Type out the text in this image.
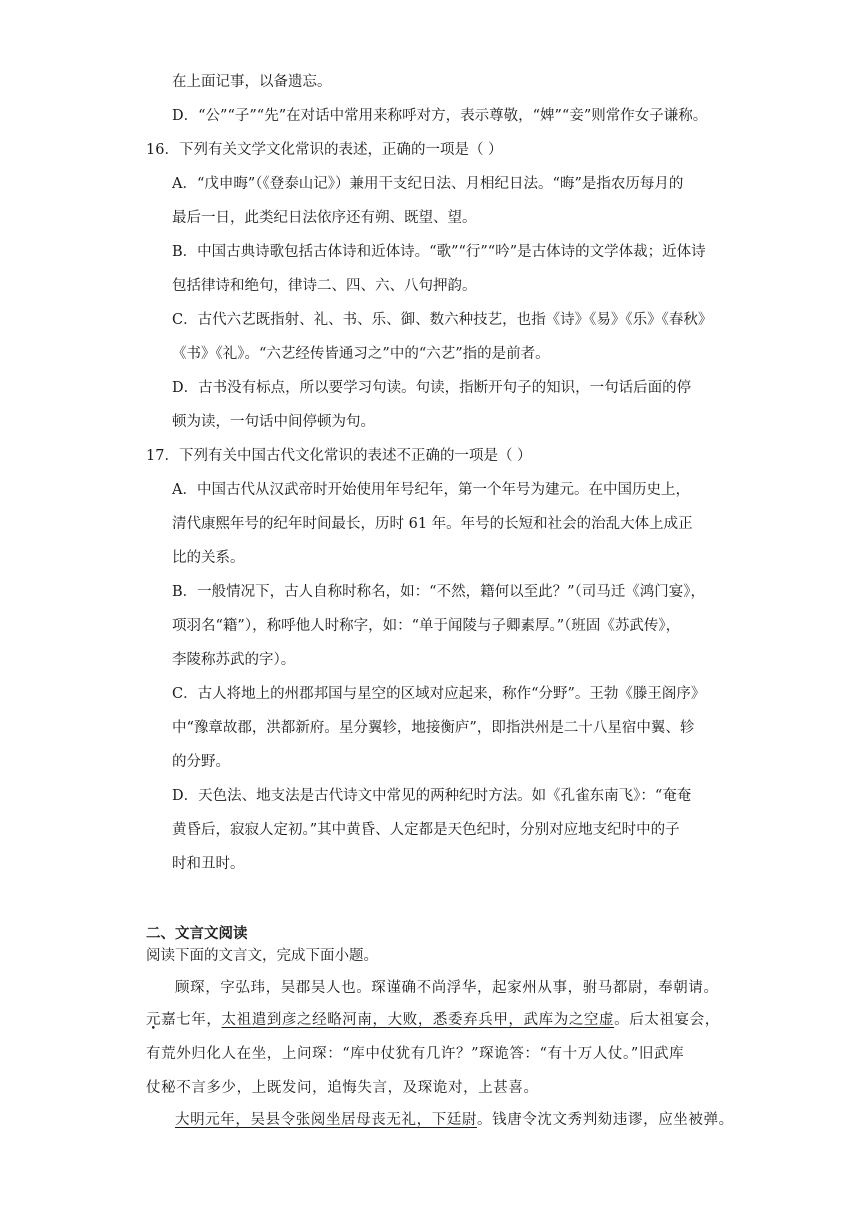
在上面记事，以备遗忘。
D．“公”“子”“先”在对话中常用来称呼对方，表示尊敬，“婢”“妾”则常作女子谦称。
16．下列有关文学文化常识的表述，正确的一项是（ ）
A．“戊申晦”（《登泰山记》）兼用干支纪日法、月相纪日法。“晦”是指农历每月的
最后一日，此类纪日法依序还有朔、既望、望。
B．中国古典诗歌包括古体诗和近体诗。“歌”“行”“吟”是古体诗的文学体裁；近体诗
包括律诗和绝句，律诗二、四、六、八句押韵。
C．古代六艺既指射、礼、书、乐、御、数六种技艺，也指《诗》《易》《乐》《春秋》
《书》《礼》。“六艺经传皆通习之”中的“六艺”指的是前者。
D．古书没有标点，所以要学习句读。句读，指断开句子的知识，一句话后面的停
顿为读，一句话中间停顿为句。
17．下列有关中国古代文化常识的表述不正确的一项是（ ）
A．中国古代从汉武帝时开始使用年号纪年，第一个年号为建元。在中国历史上，
清代康熙年号的纪年时间最长，历时 61 年。年号的长短和社会的治乱大体上成正
比的关系。
B．一般情况下，古人自称时称名，如：“不然，籍何以至此？”（司马迁《鸿门宴》，
项羽名“籍”），称呼他人时称字，如：“单于闻陵与子卿素厚。”（班固《苏武传》，
李陵称苏武的字）。
C．古人将地上的州郡邦国与星空的区域对应起来，称作“分野”。王勃《滕王阁序》
中“豫章故郡，洪都新府。星分翼轸，地接衡庐”，即指洪州是二十八星宿中翼、轸
的分野。
D．天色法、地支法是古代诗文中常见的两种纪时方法。如《孔雀东南飞》：“奄奄
黄昏后，寂寂人定初。”其中黄昏、人定都是天色纪时，分别对应地支纪时中的子
时和丑时。
二、文言文阅读
阅读下面的文言文，完成下面小题。
顾琛，字弘玮，吴郡吴人也。琛谨确不尚浮华，起家州从事，驸马都尉，奉朝请。
元嘉七年，太祖遣到彦之经略河南，大败，悉委弃兵甲，武库为之空虚。后太祖宴会，
有荒外归化人在坐，上问琛：“库中仗犹有几许？”琛诡答：“有十万人仗。”旧武库
仗秘不言多少，上既发问，追悔失言，及琛诡对，上甚喜。
大明元年，吴县令张阅坐居母丧无礼，下廷尉。钱唐令沈文秀判劾违谬，应坐被弹。
